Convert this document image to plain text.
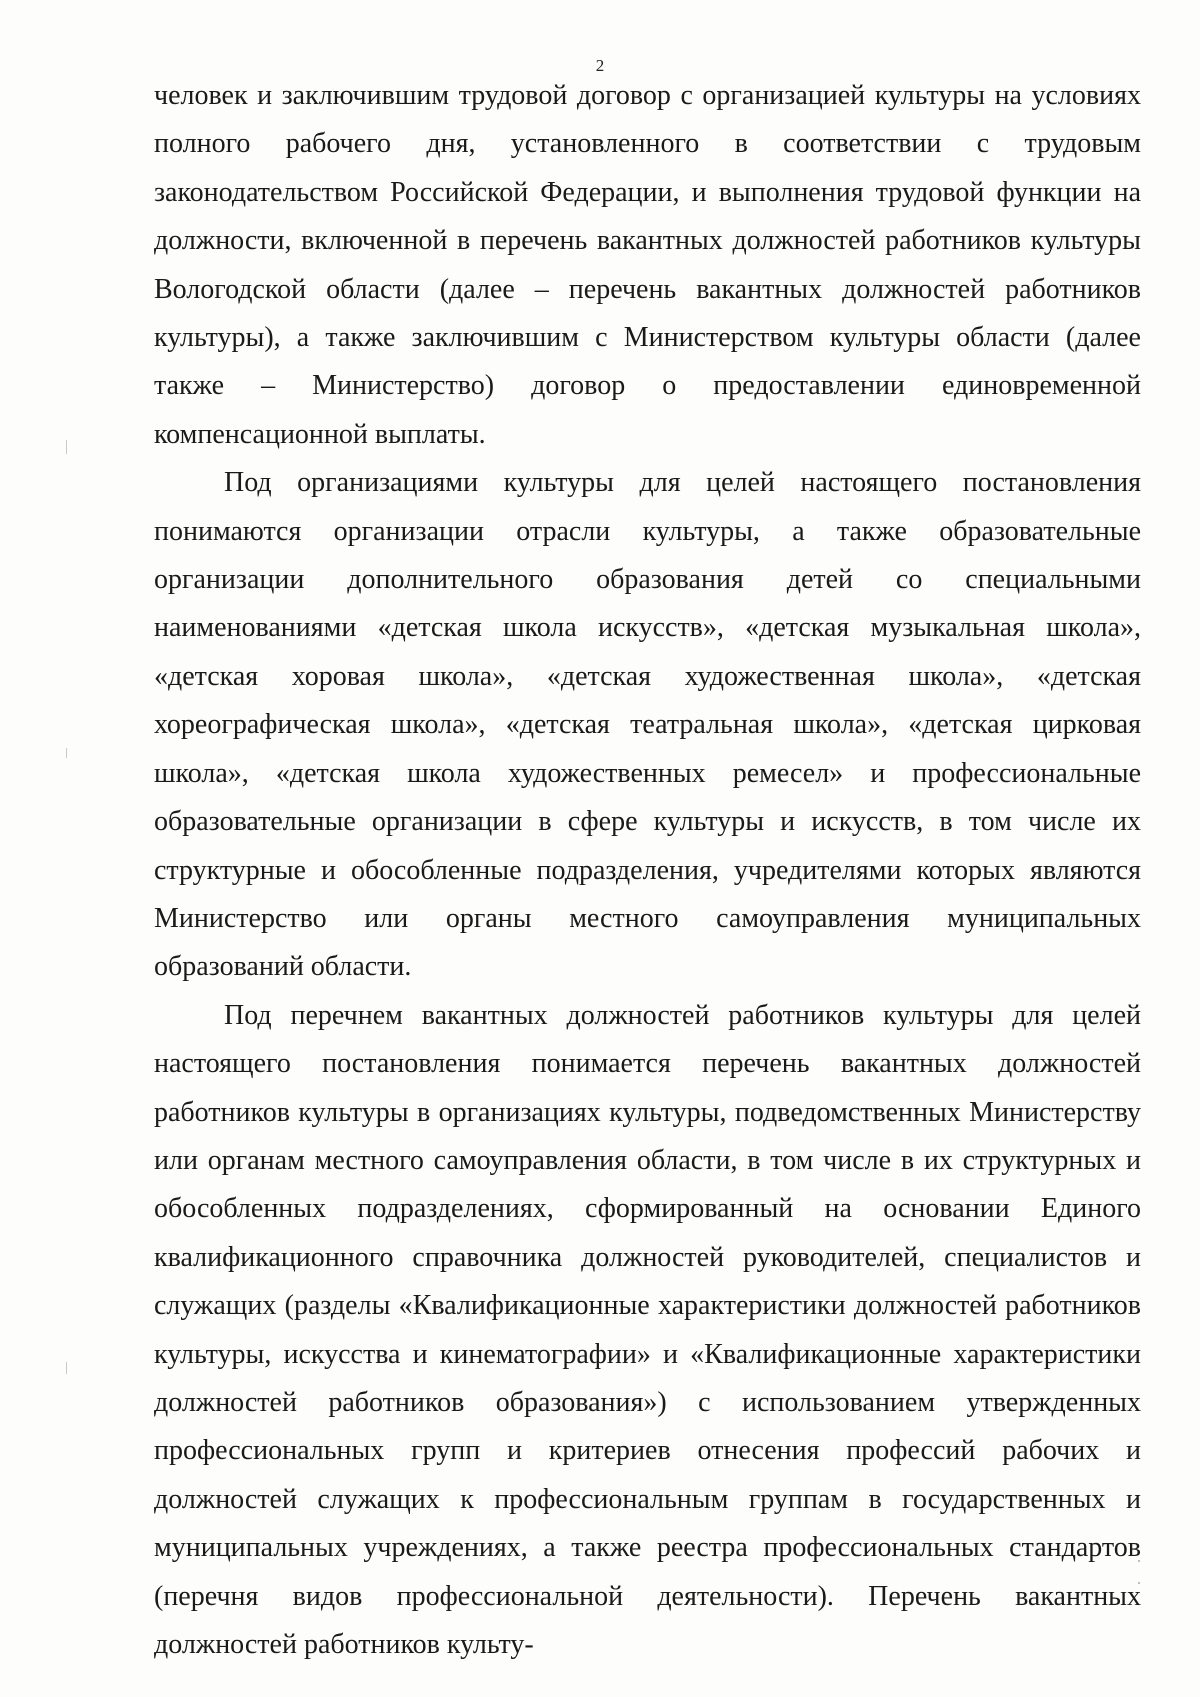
2

человек и заключившим трудовой договор с организацией культуры на условиях полного рабочего дня, установленного в соответствии с трудовым законодательством Российской Федерации, и выполнения трудовой функции на должности, включенной в перечень вакантных должностей работников культуры Вологодской области (далее – перечень вакантных должностей работников культуры), а также заключившим с Министерством культуры области (далее также – Министерство) договор о предоставлении единовременной компенсационной выплаты.

Под организациями культуры для целей настоящего постановления понимаются организации отрасли культуры, а также образовательные организации дополнительного образования детей со специальными наименованиями «детская школа искусств», «детская музыкальная школа», «детская хоровая школа», «детская художественная школа», «детская хореографическая школа», «детская театральная школа», «детская цирковая школа», «детская школа художественных ремесел» и профессиональные образовательные организации в сфере культуры и искусств, в том числе их структурные и обособленные подразделения, учредителями которых являются Министерство или органы местного самоуправления муниципальных образований области.

Под перечнем вакантных должностей работников культуры для целей настоящего постановления понимается перечень вакантных должностей работников культуры в организациях культуры, подведомственных Министерству или органам местного самоуправления области, в том числе в их структурных и обособленных подразделениях, сформированный на основании Единого квалификационного справочника должностей руководителей, специалистов и служащих (разделы «Квалификационные характеристики должностей работников культуры, искусства и кинематографии» и «Квалификационные характеристики должностей работников образования») с использованием утвержденных профессиональных групп и критериев отнесения профессий рабочих и должностей служащих к профессиональным группам в государственных и муниципальных учреждениях, а также реестра профессиональных стандартов (перечня видов профессиональной деятельности). Перечень вакантных должностей работников культу-
